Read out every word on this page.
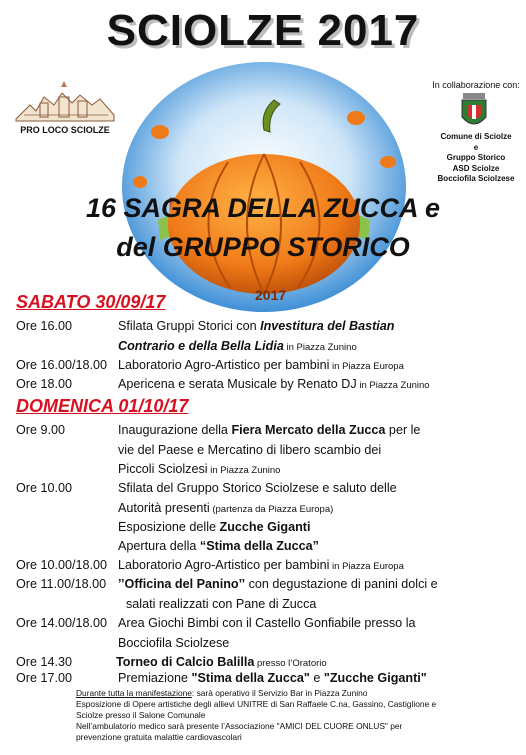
SCIOLZE 2017
PRO LOCO SCIOLZE
In collaborazione con:
Comune di Sciolze
e
Gruppo Storico
ASD Sciolze
Bocciofila Sciolzese
16 SAGRA DELLA ZUCCA e
del GRUPPO STORICO
2017
SABATO 30/09/17
Ore 16.00	Sfilata Gruppi Storici con Investitura del Bastian
Contrario e della Bella Lidia in Piazza Zunino
Ore 16.00/18.00 Laboratorio Agro-Artistico per bambini in Piazza Europa
Ore 18.00	Apericena e serata Musicale by Renato DJ in Piazza Zunino
DOMENICA 01/10/17
Ore 9.00	Inaugurazione della Fiera Mercato della Zucca per le
vie del Paese e Mercatino di libero scambio dei
Piccoli Sciolzesi in Piazza Zunino
Ore 10.00	Sfilata del Gruppo Storico Sciolzese e saluto delle
Autorità presenti (partenza da Piazza Europa)
Esposizione delle Zucche Giganti
Apertura della “Stima della Zucca”
Ore 10.00/18.00 Laboratorio Agro-Artistico per bambini in Piazza Europa
Ore 11.00/18.00 ’’Officina del Panino’’ con degustazione di panini dolci e
salati realizzati con Pane di Zucca
Ore 14.00/18.00 Area Giochi Bimbi con il Castello Gonfiabile presso la
Bocciofila Sciolzese
Ore 14.30	Torneo di Calcio Balilla presso l’Oratorio
Ore 17.00	Premiazione "Stima della Zucca" e "Zucche Giganti"
Durante tutta la manifestazione: sarà operativo il Servizio Bar in Piazza Zunino
Esposizione di Opere artistiche degli allievi UNITRE di San Raffaele C.na, Gassino, Castiglione e
Sciolze presso il Salone Comunale
Nell’ambulatorio medico sarà presente l’Associazione "AMICI DEL CUORE ONLUS" per
prevenzione gratuita malattie cardiovascolari
